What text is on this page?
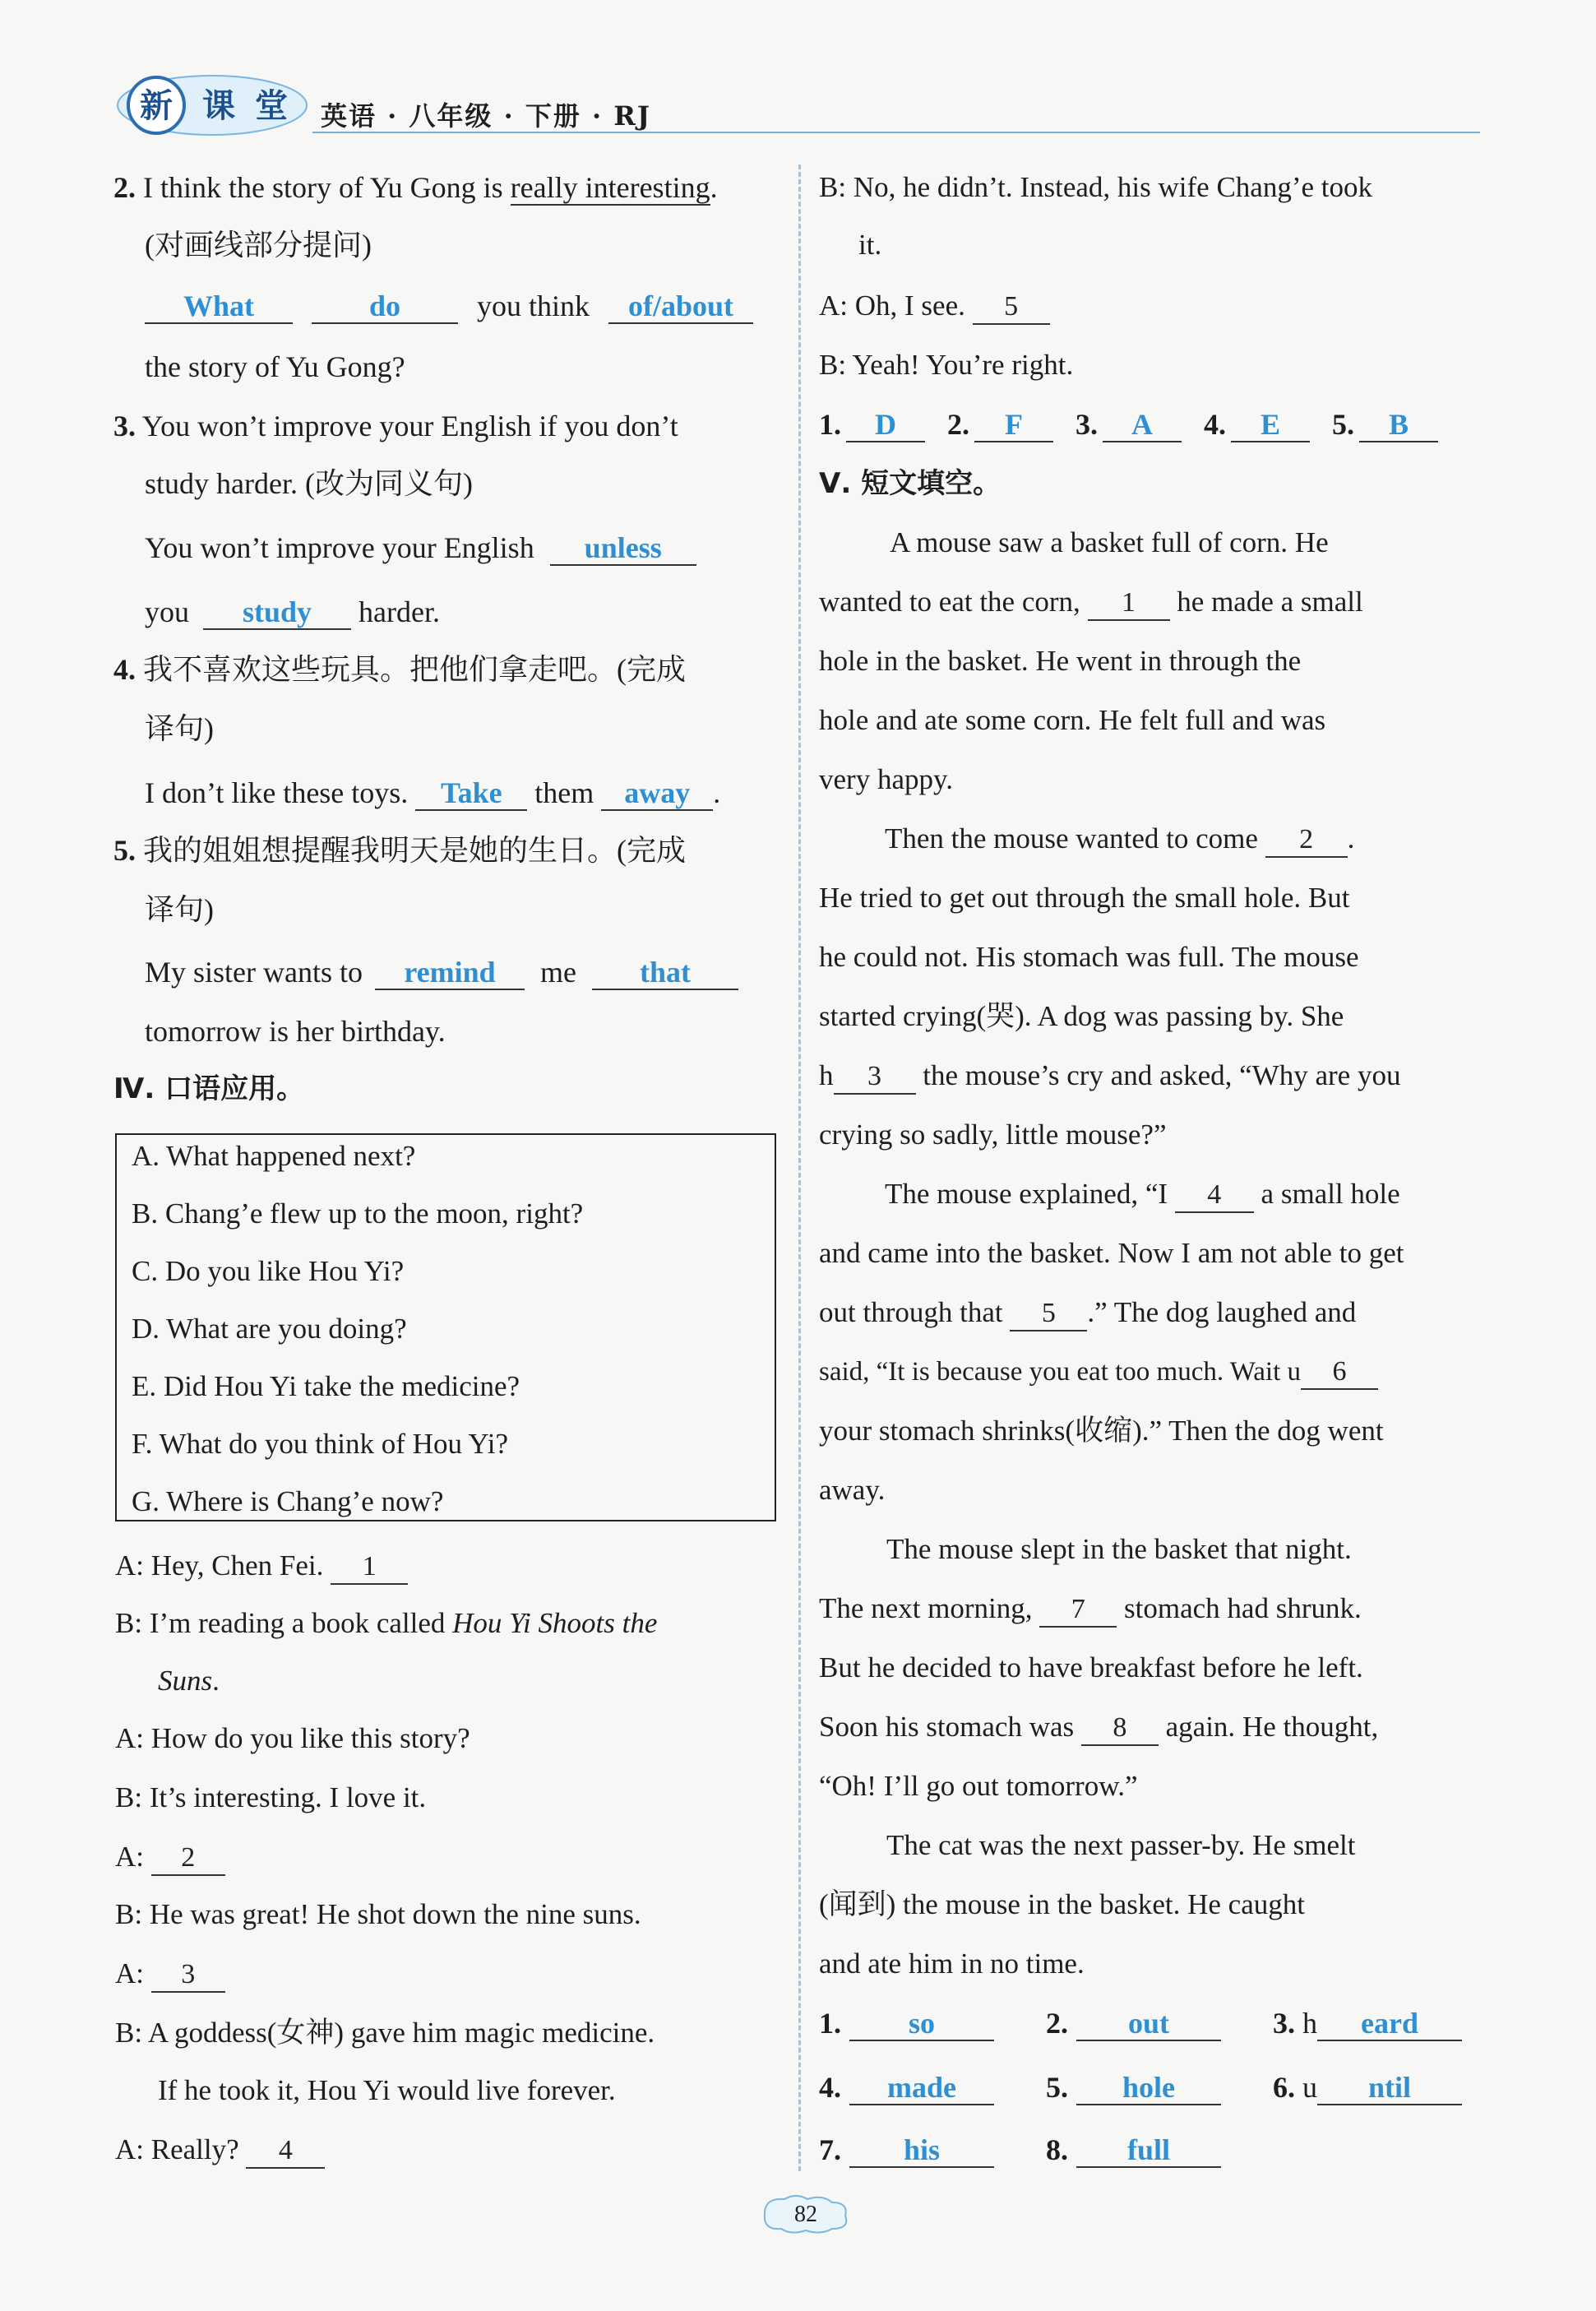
新 课 堂 英语 · 八年级 · 下册 · RJ
2. I think the story of Yu Gong is really interesting.
(对画线部分提问)
What	do	you think of/about
the story of Yu Gong?
3. You won’t improve your English if you don’t
study harder. (改为同义句)
You won’t improve your English unless
you study harder.
4. 我不喜欢这些玩具。把他们拿走吧。(完成
译句)
I don’t like these toys. Take them away .
5. 我的姐姐想提醒我明天是她的生日。(完成
译句)
My sister wants to remind me that
tomorrow is her birthday.
Ⅳ. 口语应用。
A. What happened next?
B. Chang’e flew up to the moon, right?
C. Do you like Hou Yi?
D. What are you doing?
E. Did Hou Yi take the medicine?
F. What do you think of Hou Yi?
G. Where is Chang’e now?
A: Hey, Chen Fei. 1
B: I’m reading a book called Hou Yi Shoots the
Suns.
A: How do you like this story?
B: It’s interesting. I love it.
A: 2
B: He was great! He shot down the nine suns.
A: 3
B: A goddess(女神) gave him magic medicine.
If he took it, Hou Yi would live forever.
A: Really? 4
B: No, he didn’t. Instead, his wife Chang’e took
it.
A: Oh, I see. 5
B: Yeah! You’re right.
1. D 2. F 3. A 4. E 5. B
Ⅴ. 短文填空。
A mouse saw a basket full of corn. He
wanted to eat the corn, 1 he made a small
hole in the basket. He went in through the
hole and ate some corn. He felt full and was
very happy.
Then the mouse wanted to come 2 .
He tried to get out through the small hole. But
he could not. His stomach was full. The mouse
started crying(哭). A dog was passing by. She
h 3 the mouse’s cry and asked, “Why are you
crying so sadly, little mouse?”
The mouse explained, “I 4 a small hole
and came into the basket. Now I am not able to get
out through that 5 .” The dog laughed and
said, “It is because you eat too much. Wait u 6
your stomach shrinks(收缩).” Then the dog went
away.
The mouse slept in the basket that night.
The next morning, 7 stomach had shrunk.
But he decided to have breakfast before he left.
Soon his stomach was 8 again. He thought,
“Oh! I’ll go out tomorrow.”
The cat was the next passer-by. He smelt
(闻到) the mouse in the basket. He caught
and ate him in no time.
1. so	2. out	3. h eard
4. made	5. hole	6. u ntil
7. his	8. full
82
